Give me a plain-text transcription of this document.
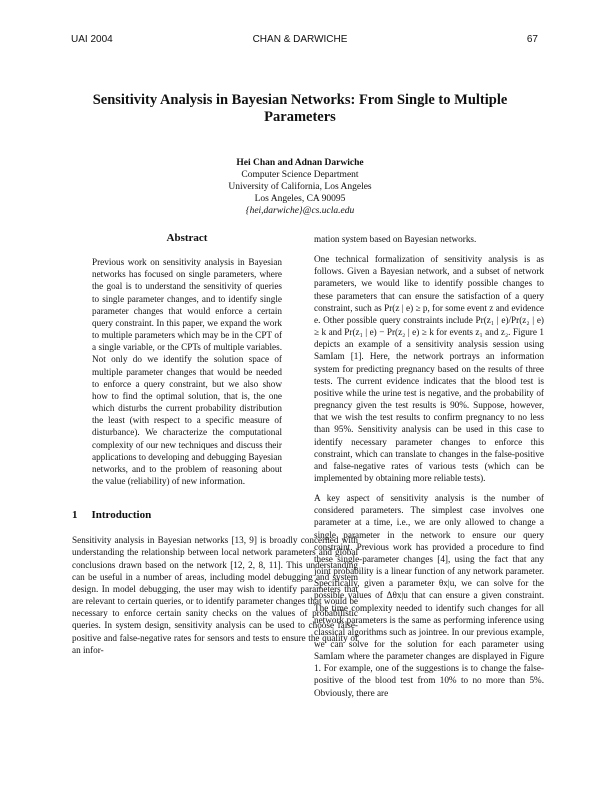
UAI 2004	CHAN & DARWICHE	67
Sensitivity Analysis in Bayesian Networks: From Single to Multiple
Parameters
Hei Chan and Adnan Darwiche
Computer Science Department
University of California, Los Angeles
Los Angeles, CA 90095
{hei,darwiche}@cs.ucla.edu
Abstract

Previous work on sensitivity analysis in Bayesian networks has focused on single parameters, where the goal is to understand the sensitivity of queries to single parameter changes, and to identify single parameter changes that would enforce a certain query constraint. In this paper, we expand the work to multiple parameters which may be in the CPT of a single variable, or the CPTs of multiple variables. Not only do we identify the solution space of multiple parameter changes that would be needed to enforce a query constraint, but we also show how to find the optimal solution, that is, the one which disturbs the current probability distribution the least (with respect to a specific measure of disturbance). We characterize the computational complexity of our new techniques and discuss their applications to developing and debugging Bayesian networks, and to the problem of reasoning about the value (reliability) of new information.

1 Introduction

Sensitivity analysis in Bayesian networks [13, 9] is broadly concerned with understanding the relationship between local network parameters and global conclusions drawn based on the network [12, 2, 8, 11]. This understanding can be useful in a number of areas, including model debugging and system design. In model debugging, the user may wish to identify parameters that are relevant to certain queries, or to identify parameter changes that would be necessary to enforce certain sanity checks on the values of probabilistic queries. In system design, sensitivity analysis can be used to choose false-positive and false-negative rates for sensors and tests to ensure the quality of an infor-

mation system based on Bayesian networks.

One technical formalization of sensitivity analysis is as follows. Given a Bayesian network, and a subset of network parameters, we would like to identify possible changes to these parameters that can ensure the satisfaction of a query constraint, such as Pr(z | e) ≥ p, for some event z and evidence e. Other possible query constraints include Pr(z₁ | e)/Pr(z₂ | e) ≥ k and Pr(z₁ | e) − Pr(z₂ | e) ≥ k for events z₁ and z₂. Figure 1 depicts an example of a sensitivity analysis session using SamIam [1]. Here, the network portrays an information system for predicting pregnancy based on the results of three tests. The current evidence indicates that the blood test is positive while the urine test is negative, and the probability of pregnancy given the test results is 90%. Suppose, however, that we wish the test results to confirm pregnancy to no less than 95%. Sensitivity analysis can be used in this case to identify necessary parameter changes to enforce this constraint, which can translate to changes in the false-positive and false-negative rates of various tests (which can be implemented by obtaining more reliable tests).

A key aspect of sensitivity analysis is the number of considered parameters. The simplest case involves one parameter at a time, i.e., we are only allowed to change a single parameter in the network to ensure our query constraint. Previous work has provided a procedure to find these single-parameter changes [4], using the fact that any joint probability is a linear function of any network parameter. Specifically, given a parameter θx|u, we can solve for the possible values of Δθx|u that can ensure a given constraint. The time complexity needed to identify such changes for all network parameters is the same as performing inference using classical algorithms such as jointree. In our previous example, we can solve for the solution for each parameter using SamIam where the parameter changes are displayed in Figure 1. For example, one of the suggestions is to change the false-positive of the blood test from 10% to no more than 5%. Obviously, there are
